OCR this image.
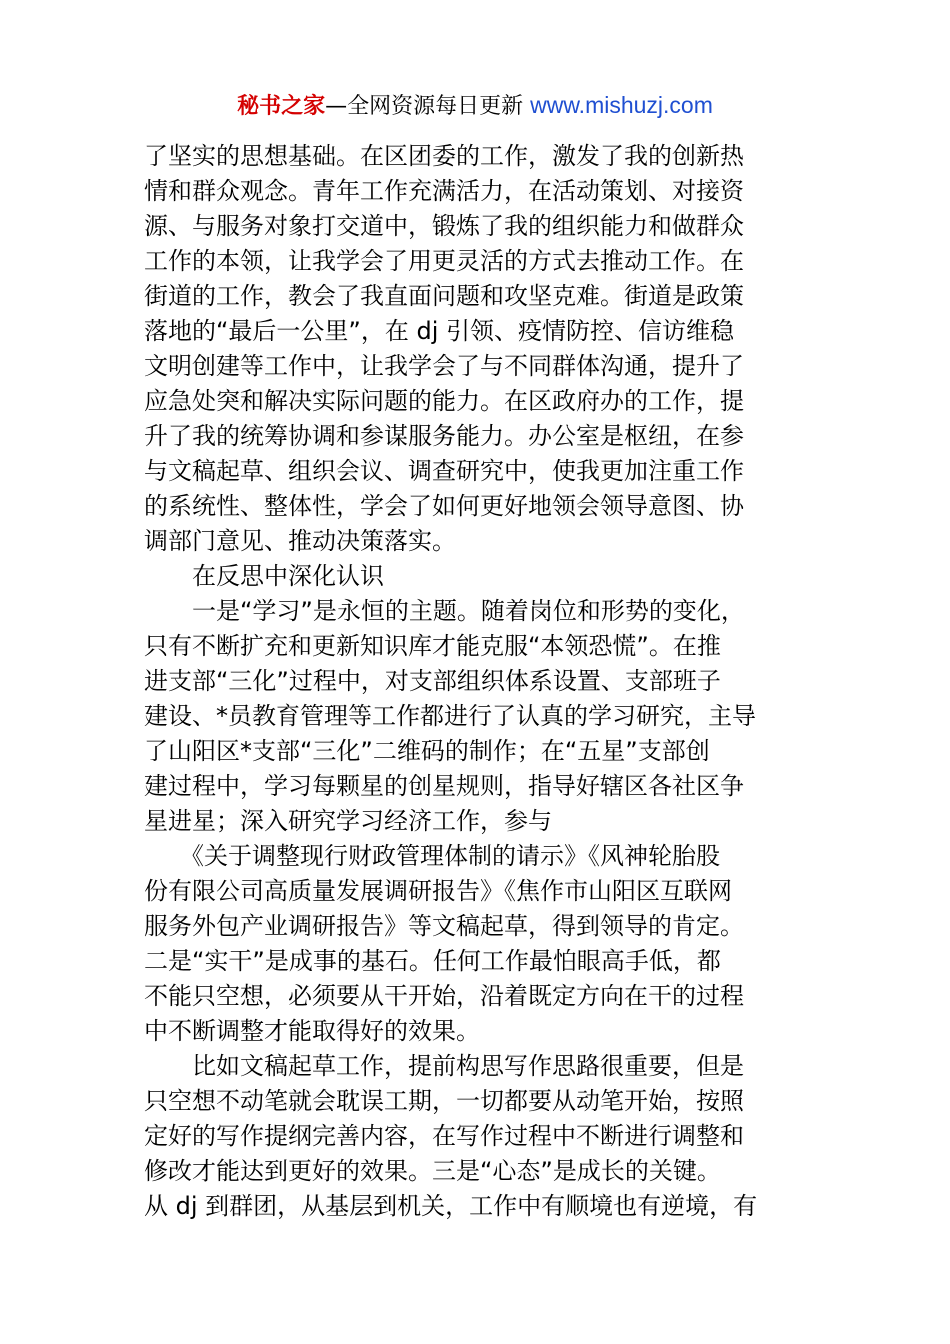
秘书之家—全网资源每日更新 www.mishuzj.com
了坚实的思想基础。在区团委的工作，激发了我的创新热
情和群众观念。青年工作充满活力，在活动策划、对接资
源、与服务对象打交道中，锻炼了我的组织能力和做群众
工作的本领，让我学会了用更灵活的方式去推动工作。在
街道的工作，教会了我直面问题和攻坚克难。街道是政策
落地的“最后一公里”，在 dj 引领、疫情防控、信访维稳
文明创建等工作中，让我学会了与不同群体沟通，提升了
应急处突和解决实际问题的能力。在区政府办的工作，提
升了我的统筹协调和参谋服务能力。办公室是枢纽，在参
与文稿起草、组织会议、调查研究中，使我更加注重工作
的系统性、整体性，学会了如何更好地领会领导意图、协
调部门意见、推动决策落实。
　　在反思中深化认识
　　一是“学习”是永恒的主题。随着岗位和形势的变化，
只有不断扩充和更新知识库才能克服“本领恐慌”。在推
进支部“三化”过程中，对支部组织体系设置、支部班子
建设、*员教育管理等工作都进行了认真的学习研究，主导
了山阳区*支部“三化”二维码的制作；在“五星”支部创
建过程中，学习每颗星的创星规则，指导好辖区各社区争
星进星；深入研究学习经济工作，参与
　　《关于调整现行财政管理体制的请示》《风神轮胎股
份有限公司高质量发展调研报告》《焦作市山阳区互联网
服务外包产业调研报告》等文稿起草，得到领导的肯定。
二是“实干”是成事的基石。任何工作最怕眼高手低，都
不能只空想，必须要从干开始，沿着既定方向在干的过程
中不断调整才能取得好的效果。
　　比如文稿起草工作，提前构思写作思路很重要，但是
只空想不动笔就会耽误工期，一切都要从动笔开始，按照
定好的写作提纲完善内容，在写作过程中不断进行调整和
修改才能达到更好的效果。三是“心态”是成长的关键。
从 dj 到群团，从基层到机关，工作中有顺境也有逆境，有
